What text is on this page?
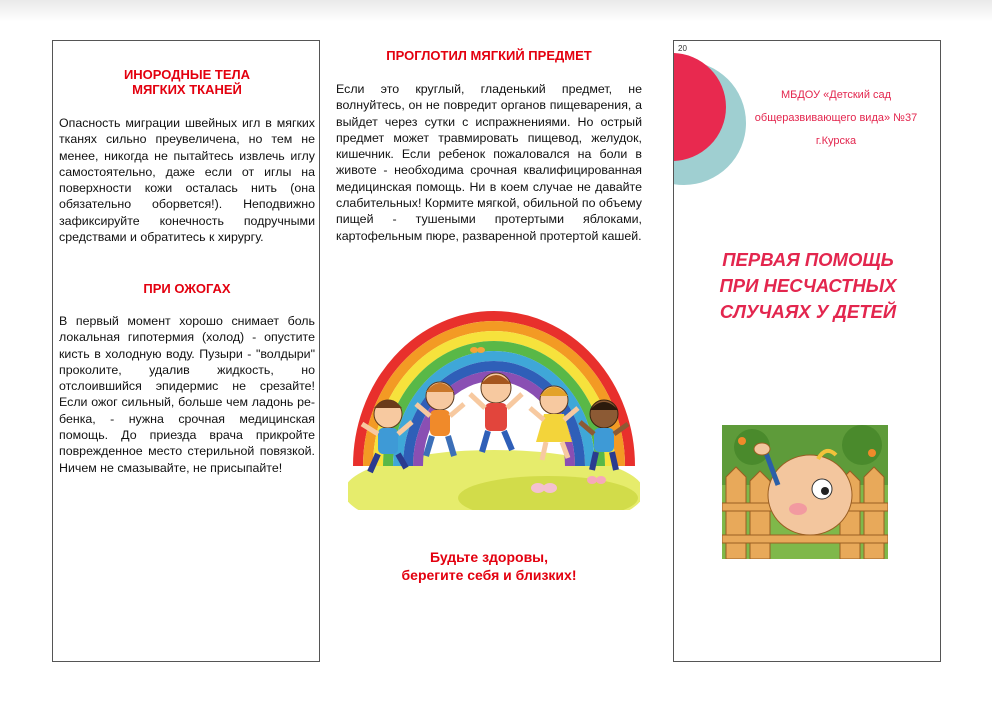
ИНОРОДНЫЕ ТЕЛА
МЯГКИХ ТКАНЕЙ

Опасность миграции швейных игл в мягких тканях сильно преувеличена, но тем не менее, никогда не пытайтесь извлечь иглу самостоятельно, даже если от иглы на поверхности кожи осталась нить (она обязательно оборвется!). Неподвижно зафиксируйте конечность подручными средствами и обратитесь к хирургу.

ПРИ ОЖОГАХ

В первый момент хорошо снимает боль локальная гипотермия (холод) - опустите кисть в холодную воду. Пузыри - "волдыри" проколите, удалив жидкость, но отслоившийся эпидермис не срезайте! Если ожог сильный, больше чем ладонь ребенка, - нужна срочная медицинская помощь. До приезда врача прикройте поврежденное место стерильной повязкой. Ничем не смазывайте, не присыпайте!

ПРОГЛОТИЛ МЯГКИЙ ПРЕДМЕТ

Если это круглый, гладенький предмет, не волнуйтесь, он не повредит органов пищеварения, а выйдет через сутки с испражнениями. Но острый предмет может травмировать пищевод, желудок, кишечник. Если ребенок пожаловался на боли в животе - необходима срочная квалифицированная медицинская помощь. Ни в коем случае не давайте слабительных! Кормите мягкой, обильной по объему пищей - тушеными протертыми яблоками, картофельным пюре, разваренной протертой кашей.

Будьте здоровы,
берегите себя и близких!
20
МБДОУ «Детский сад
общеразвивающего вида» №37
г.Курска
ПЕРВАЯ ПОМОЩЬ
ПРИ НЕСЧАСТНЫХ
СЛУЧАЯХ У ДЕТЕЙ
